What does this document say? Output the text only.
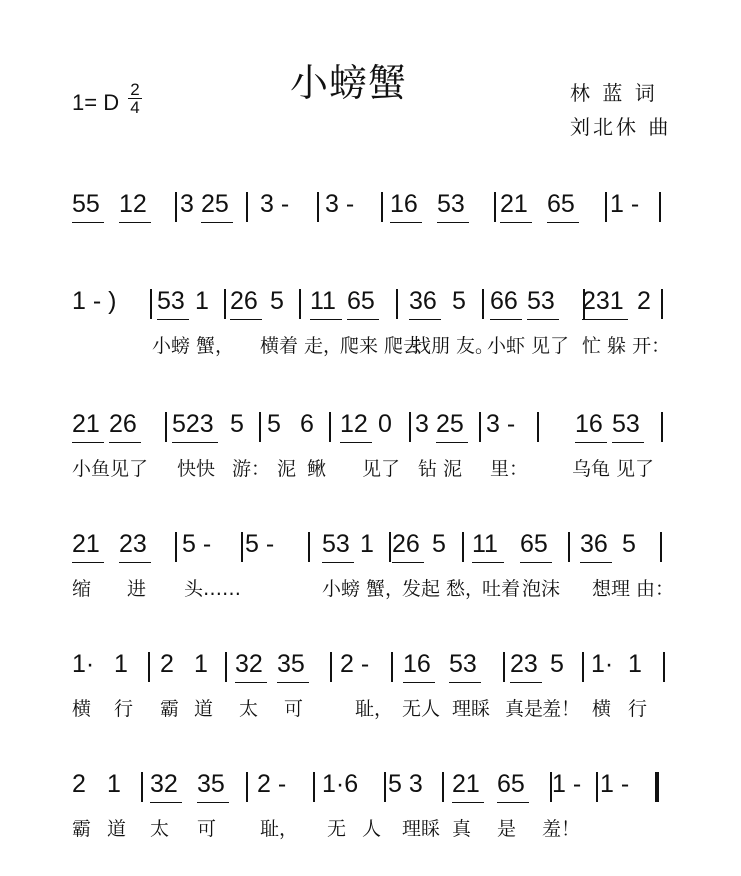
小螃蟹
1= D
2
4
林 蓝 词
刘北休 曲
55 12 3 25 3 - 3 - 16 53 21 65 1 -
1 - ) 53 1 26 5 11 65 36 5 66 53 231 2
小螃 蟹， 横着 走，
爬来 爬去
找朋 友。
小虾 见了 忙 躲 开：
21 26 523 5 5 6 12 0 3 25 3 - 16 53
小鱼见了 快快 游： 泥 鳅 见了 钻 泥 里： 乌龟 见了
21 23 5 - 5 - 53 1 26 5 11 65 36 5
缩 进 头……	小螃 蟹，
发起 愁，
吐着 泡沫 想理 由：
1· 1 2 1 32 35 2 - 16 53 23 5 1· 1
横 行 霸 道 太 可	耻， 无人 理睬 真是
羞！ 横 行
2 1 32 35 2 - 1·6 5 3 21 65 1 - 1 -
霸 道 太 可 耻， 无 人 理睬 真 是 羞！
